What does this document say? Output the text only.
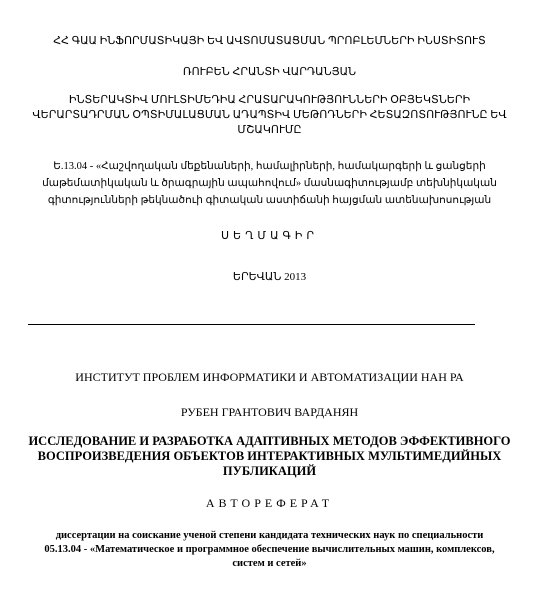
ՀՀ ԳԱԱ ԻՆՖՈՐՄԱՏԻԿԱՅԻ ԵՎ ԱՎՏՈՄԱՏԱՑՄԱՆ ՊՐՈԲԼԵՄՆԵՐԻ ԻՆՍՏԻՏՈՒՏ
ՌՈՒԲԵՆ ՀՐԱՆՏԻ ՎԱՐԴԱՆՅԱՆ
ԻՆՏԵՐԱԿՏԻՎ ՄՈՒԼՏԻՄԵԴԻԱ ՀՐԱՏԱՐԱԿՈՒԹՅՈՒՆՆԵՐԻ ՕԲՅԵԿՏՆԵՐԻ
ՎԵՐԱՐՏԱԴՐՄԱՆ ՕՊՏԻՄԱԼԱՑՄԱՆ ԱԴԱՊՏԻՎ ՄԵԹՈԴՆԵՐԻ ՀԵՏԱԶՈՏՈՒԹՅՈՒՆԸ ԵՎ
ՄՇԱԿՈՒՄԸ
Ե.13.04 - «Հաշվողական մեքենաների, համալիրների, համակարգերի և ցանցերի
մաթեմատիկական և ծրագրային ապահովում» մասնագիտությամբ տեխնիկական
գիտությունների թեկնածուի գիտական աստիճանի հայցման ատենախոսության
ՍԵՂՄԱԳԻՐ
ԵՐԵՎԱՆ 2013
ИНСТИТУТ ПРОБЛЕМ ИНФОРМАТИКИ И АВТОМАТИЗАЦИИ НАН РА
РУБЕН ГРАНТОВИЧ ВАРДАНЯН
ИССЛЕДОВАНИЕ И РАЗРАБОТКА АДАПТИВНЫХ МЕТОДОВ ЭФФЕКТИВНОГО
ВОСПРОИЗВЕДЕНИЯ ОБЪЕКТОВ ИНТЕРАКТИВНЫХ МУЛЬТИМЕДИЙНЫХ
ПУБЛИКАЦИЙ
АВТОРЕФЕРАТ
диссертации на соискание ученой степени кандидата технических наук по специальности
05.13.04 - «Математическое и программное обеспечение вычислительных машин, комплексов,
систем и сетей»
